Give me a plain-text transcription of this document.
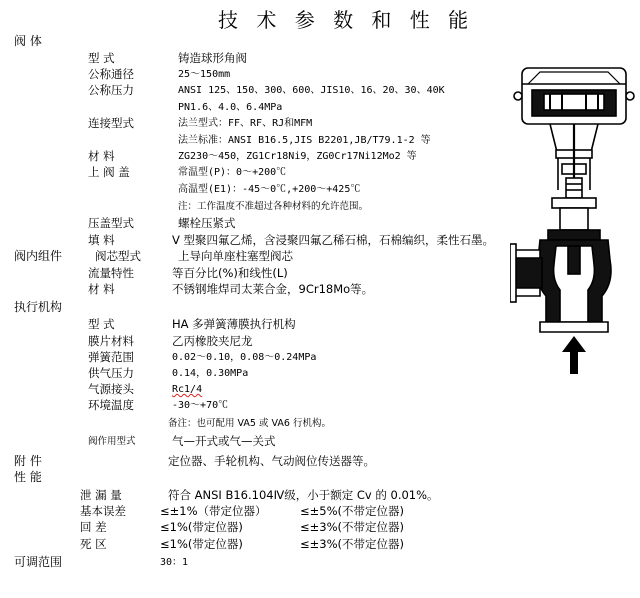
技 术 参 数 和 性 能
阀 体
型 式	铸造球形角阀
公称通径	25～150mm
公称压力	ANSI 125、150、300、600、JIS10、16、20、30、40K
PN1.6、4.0、6.4MPa
连接型式	法兰型式：FF、RF、RJ和MFM
法兰标准：ANSI B16.5,JIS B2201,JB/T79.1-2 等
材 料	ZG230～450，ZG1Cr18Ni9，ZG0Cr17Ni12Mo2 等
上 阀 盖	常温型(P)：0～+200℃
高温型(E1)：-45～0℃,+200～+425℃
注：工作温度不准超过各种材料的允许范围。
压盖型式	螺栓压紧式
填 料	V 型聚四氟乙烯，含浸聚四氟乙稀石棉，石棉编织，柔性石墨。
阀内组件	阀芯型式	上导向单座柱塞型阀芯
流量特性	等百分比(%)和线性(L)
材 料	不锈钢堆焊司太莱合金，9Cr18Mo等。
执行机构
型 式	HA 多弹簧薄膜执行机构
膜片材料	乙丙橡胶夹尼龙
弹簧范围	0.02～0.10，0.08～0.24MPa
供气压力	0.14，0.30MPa
气源接头	Rc1/4
环境温度	-30～+70℃
备注：也可配用 VA5 或 VA6 行机构。
阀作用型式	气—开式或气—关式
附 件	定位器、手轮机构、气动阀位传送器等。
性 能
泄 漏 量	符合 ANSI B16.104Ⅳ级，小于额定 Cv 的 0.01%。
基本误差	≤±1%（带定位器）	≤±5%(不带定位器)
回 差	≤1%(带定位器)	≤±3%(不带定位器)
死 区	≤1%(带定位器)	≤±3%(不带定位器)
可调范围	30：1
